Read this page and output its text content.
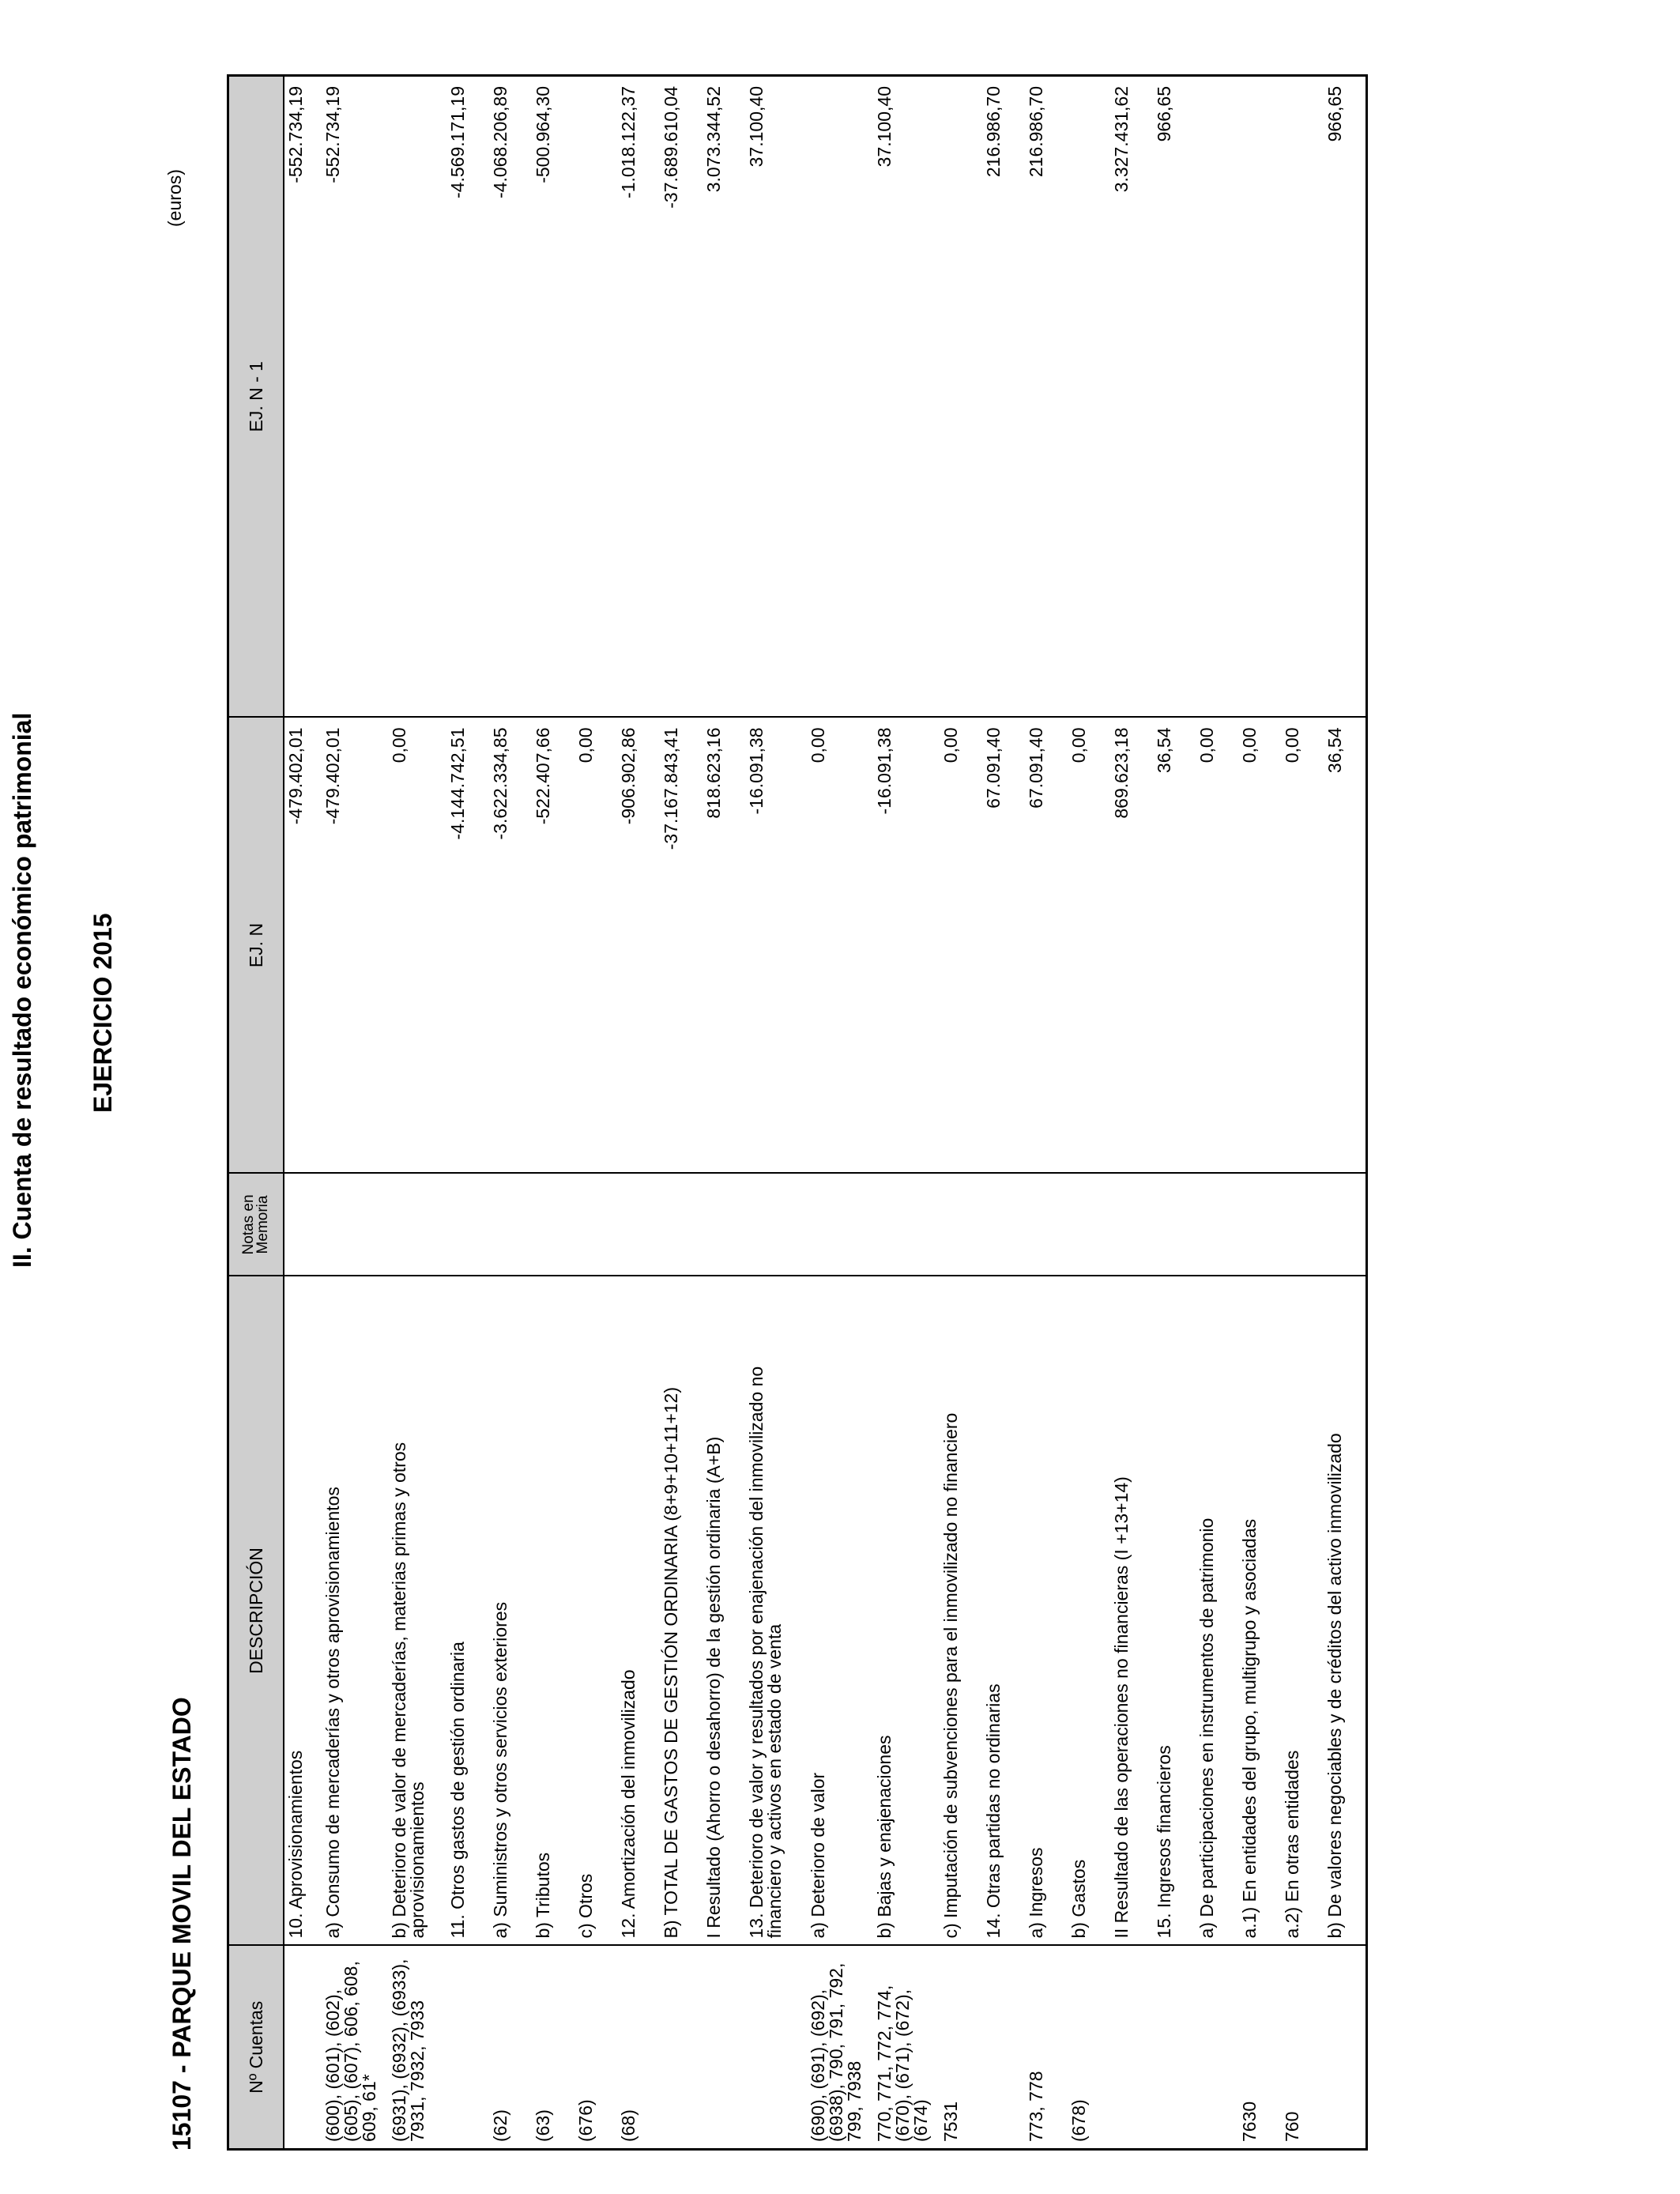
II. Cuenta de resultado económico patrimonial EJERCICIO 2015
15107 - PARQUE MOVIL DEL ESTADO
(euros)
Nº Cuentas	DESCRIPCIÓN	Notas en Memoria	EJ. N	EJ. N - 1
	10. Aprovisionamientos		-479.402,01	-552.734,19
(600), (601), (602), (605), (607), 606, 608, 609, 61*	a) Consumo de mercaderías y otros aprovisionamientos		-479.402,01	-552.734,19
(6931), (6932), (6933), 7931, 7932, 7933	b) Deterioro de valor de mercaderías, materias primas y otros aprovisionamientos		0,00	
	11. Otros gastos de gestión ordinaria		-4.144.742,51	-4.569.171,19
(62)	a) Suministros y otros servicios exteriores		-3.622.334,85	-4.068.206,89
(63)	b) Tributos		-522.407,66	-500.964,30
(676)	c) Otros		0,00	
(68)	12. Amortización del inmovilizado		-906.902,86	-1.018.122,37
	B) TOTAL DE GASTOS DE GESTIÓN ORDINARIA (8+9+10+11+12)		-37.167.843,41	-37.689.610,04
	I Resultado (Ahorro o desahorro) de la gestión ordinaria (A+B)		818.623,16	3.073.344,52
	13. Deterioro de valor y resultados por enajenación del inmovilizado no financiero y activos en estado de venta		-16.091,38	37.100,40
(690), (691), (692), (6938), 790, 791, 792, 799, 7938	a) Deterioro de valor		0,00	
770, 771, 772, 774, (670), (671), (672), (674)	b) Bajas y enajenaciones		-16.091,38	37.100,40
7531	c) Imputación de subvenciones para el inmovilizado no financiero		0,00	
	14. Otras partidas no ordinarias		67.091,40	216.986,70
773, 778	a) Ingresos		67.091,40	216.986,70
(678)	b) Gastos		0,00	
	II Resultado de las operaciones no financieras (I +13+14)		869.623,18	3.327.431,62
	15. Ingresos financieros		36,54	966,65
	a) De participaciones en instrumentos de patrimonio		0,00	
7630	a.1) En entidades del grupo, multigrupo y asociadas		0,00	
760	a.2) En otras entidades		0,00	
	b) De valores negociables y de créditos del activo inmovilizado		36,54	966,65
